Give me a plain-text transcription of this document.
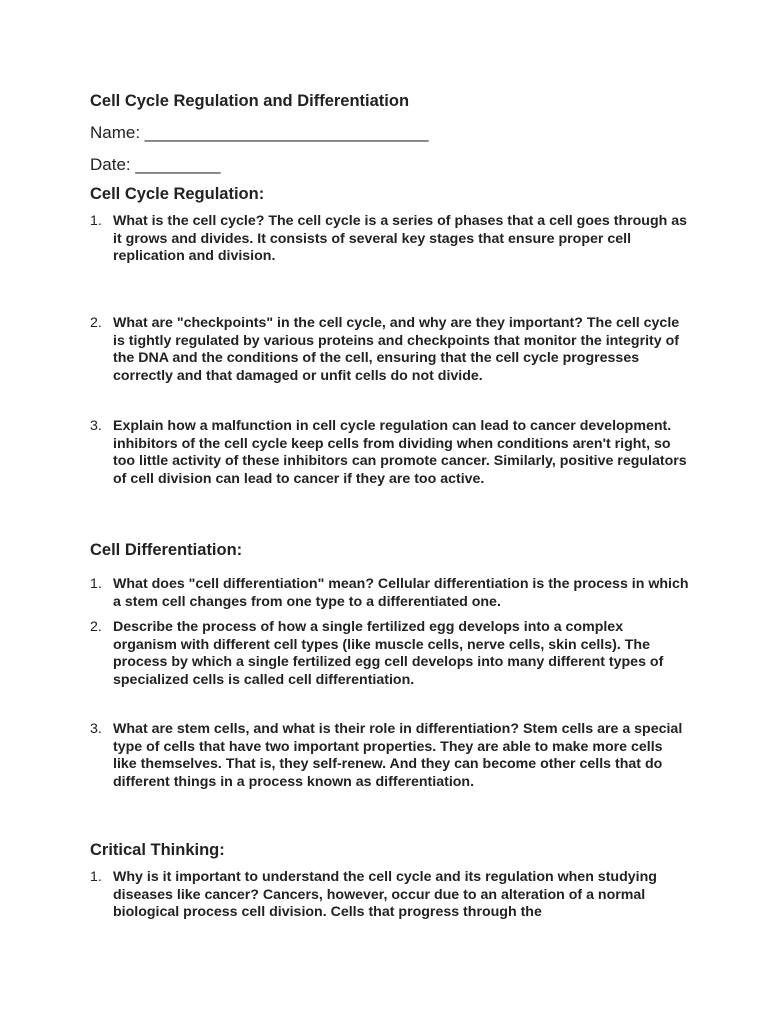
Cell Cycle Regulation and Differentiation
Name: ______________________________
Date: _________
Cell Cycle Regulation:
1. What is the cell cycle? The cell cycle is a series of phases that a cell goes through as it grows and divides. It consists of several key stages that ensure proper cell replication and division.
2. What are "checkpoints" in the cell cycle, and why are they important? The cell cycle is tightly regulated by various proteins and checkpoints that monitor the integrity of the DNA and the conditions of the cell, ensuring that the cell cycle progresses correctly and that damaged or unfit cells do not divide.
3. Explain how a malfunction in cell cycle regulation can lead to cancer development. inhibitors of the cell cycle keep cells from dividing when conditions aren't right, so too little activity of these inhibitors can promote cancer. Similarly, positive regulators of cell division can lead to cancer if they are too active.
Cell Differentiation:
1. What does "cell differentiation" mean? Cellular differentiation is the process in which a stem cell changes from one type to a differentiated one.
2. Describe the process of how a single fertilized egg develops into a complex organism with different cell types (like muscle cells, nerve cells, skin cells). The process by which a single fertilized egg cell develops into many different types of specialized cells is called cell differentiation.
3. What are stem cells, and what is their role in differentiation? Stem cells are a special type of cells that have two important properties. They are able to make more cells like themselves. That is, they self-renew. And they can become other cells that do different things in a process known as differentiation.
Critical Thinking:
1. Why is it important to understand the cell cycle and its regulation when studying diseases like cancer? Cancers, however, occur due to an alteration of a normal biological process cell division. Cells that progress through the
